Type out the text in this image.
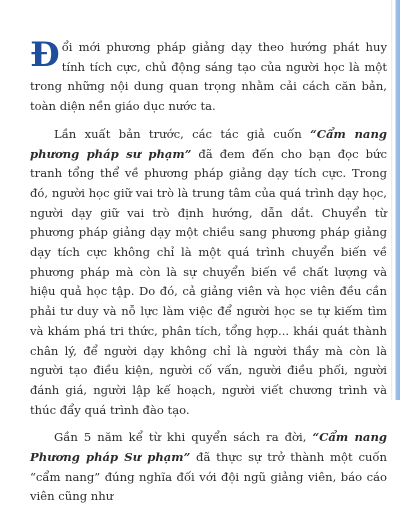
Đổi mới phương pháp giảng dạy theo hướng phát huy tính tích cực, chủ động sáng tạo của người học là một trong những nội dung quan trọng nhằm cải cách căn bản, toàn diện nền giáo dục nước ta.

Lần xuất bản trước, các tác giả cuốn “Cẩm nang phương pháp sư phạm” đã đem đến cho bạn đọc bức tranh tổng thể về phương pháp giảng dạy tích cực. Trong đó, người học giữ vai trò là trung tâm của quá trình dạy học, người dạy giữ vai trò định hướng, dẫn dắt. Chuyển từ phương pháp giảng dạy một chiều sang phương pháp giảng dạy tích cực không chỉ là một quá trình chuyển biến về phương pháp mà còn là sự chuyển biến về chất lượng và hiệu quả học tập. Do đó, cả giảng viên và học viên đều cần phải tư duy và nỗ lực làm việc để người học se tự kiếm tìm và khám phá tri thức, phân tích, tổng hợp... khái quát thành chân lý, để người dạy không chỉ là người thầy mà còn là người tạo điều kiện, người cố vấn, người điều phối, người đánh giá, người lập kế hoạch, người viết chương trình và thúc đẩy quá trình đào tạo.

Gần 5 năm kể từ khi quyển sách ra đời, “Cẩm nang Phương pháp Sư phạm” đã thực sự trở thành một cuốn “cẩm nang” đúng nghĩa đối với đội ngũ giảng viên, báo cáo viên cũng như
